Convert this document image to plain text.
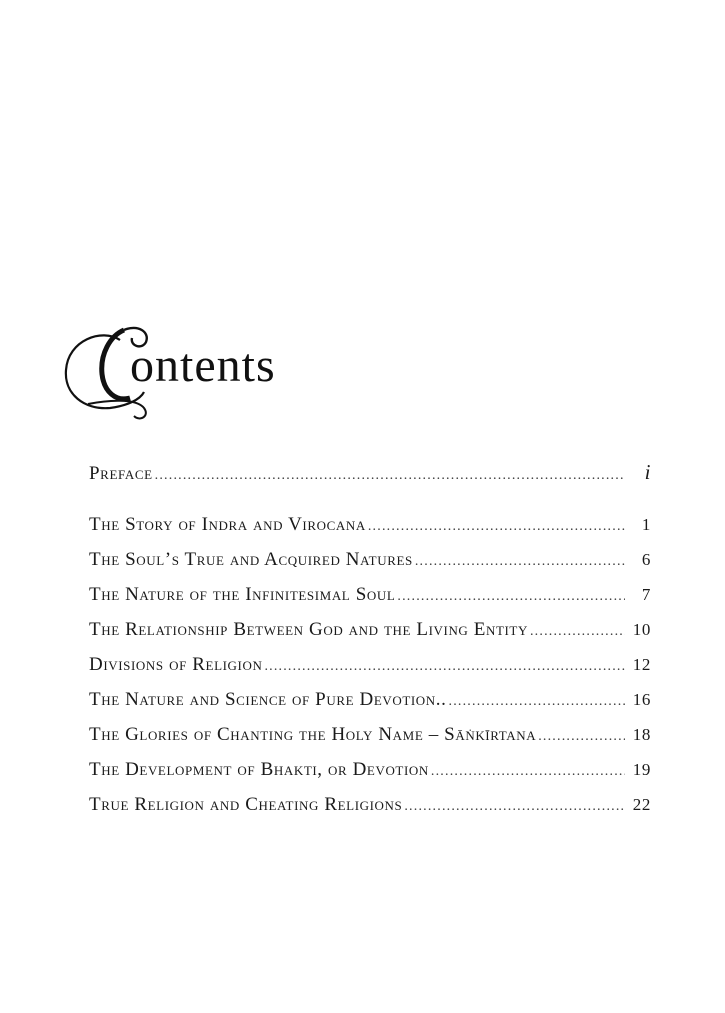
ontents
Preface .....	i
The Story of Indra and Virocana .....	1
The Soul’s True and Acquired Natures .....	6
The Nature of the Infinitesimal Soul .....	7
The Relationship Between God and the Living Entity .....	10
Divisions of Religion .....	12
The Nature and Science of Pure Devotion.. .....	16
The Glories of Chanting the Holy Name – Sāṅkīrtana .....	18
The Development of Bhakti, or Devotion .....	19
True Religion and Cheating Religions .....	22
